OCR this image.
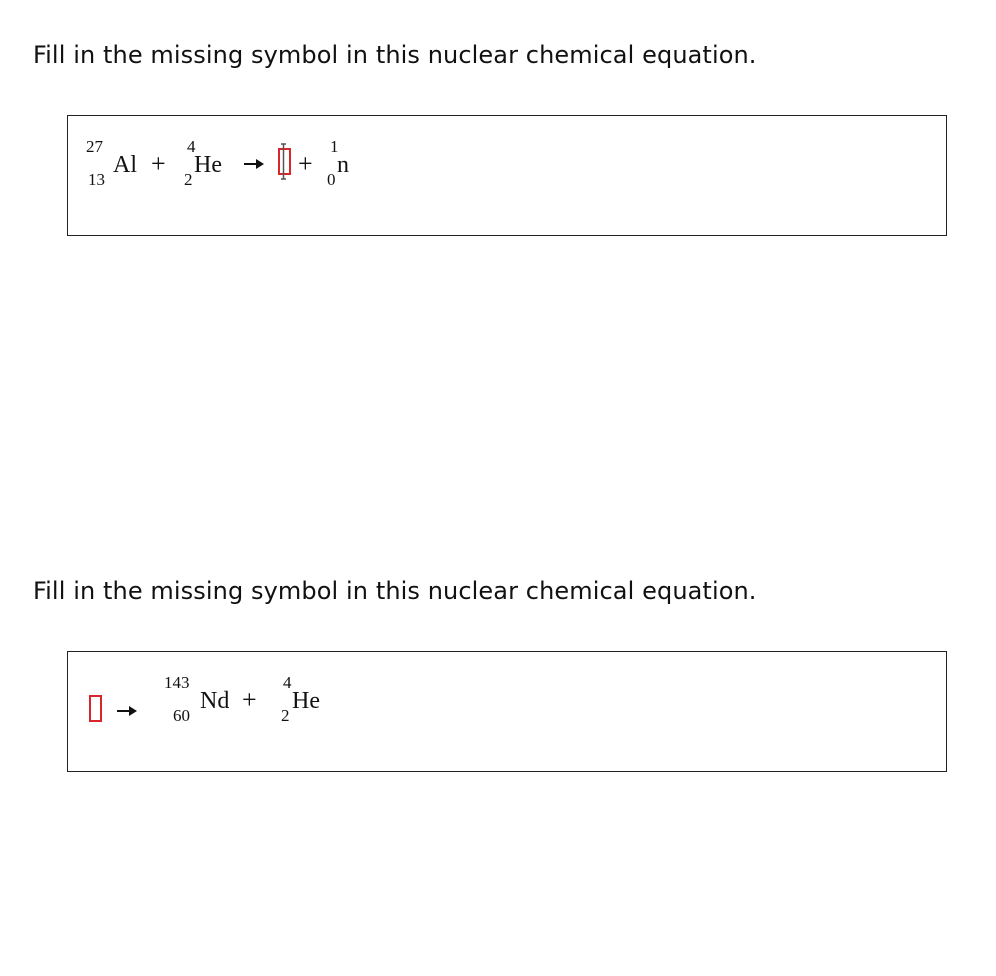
Fill in the missing symbol in this nuclear chemical equation.
27
13
Al +
4
2
He → +
1
0
n
Fill in the missing symbol in this nuclear chemical equation.
143
60
Nd +
4
2
He
